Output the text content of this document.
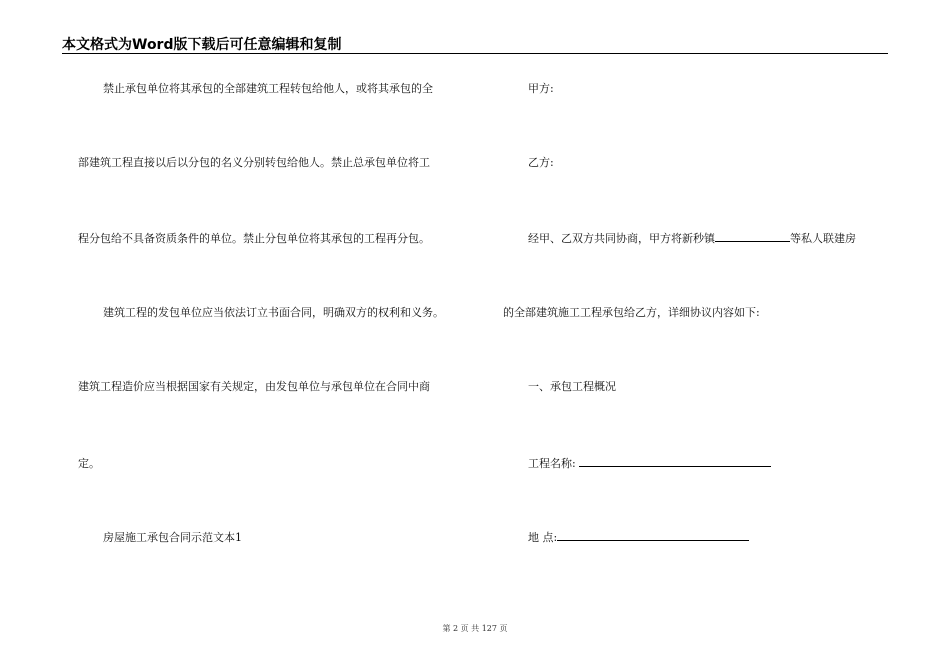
本文格式为Word版下载后可任意编辑和复制
禁止承包单位将其承包的全部建筑工程转包给他人，或将其承包的全
部建筑工程直接以后以分包的名义分别转包给他人。禁止总承包单位将工
程分包给不具备资质条件的单位。禁止分包单位将其承包的工程再分包。
建筑工程的发包单位应当依法订立书面合同，明确双方的权利和义务。
建筑工程造价应当根据国家有关规定，由发包单位与承包单位在合同中商
定。
房屋施工承包合同示范文本1
甲方:
乙方:
经甲、乙双方共同协商，甲方将新秒镇	等私人联建房
的全部建筑施工工程承包给乙方，详细协议内容如下:
一、承包工程概况
工程名称:
地 点:
第 2 页 共 127 页
